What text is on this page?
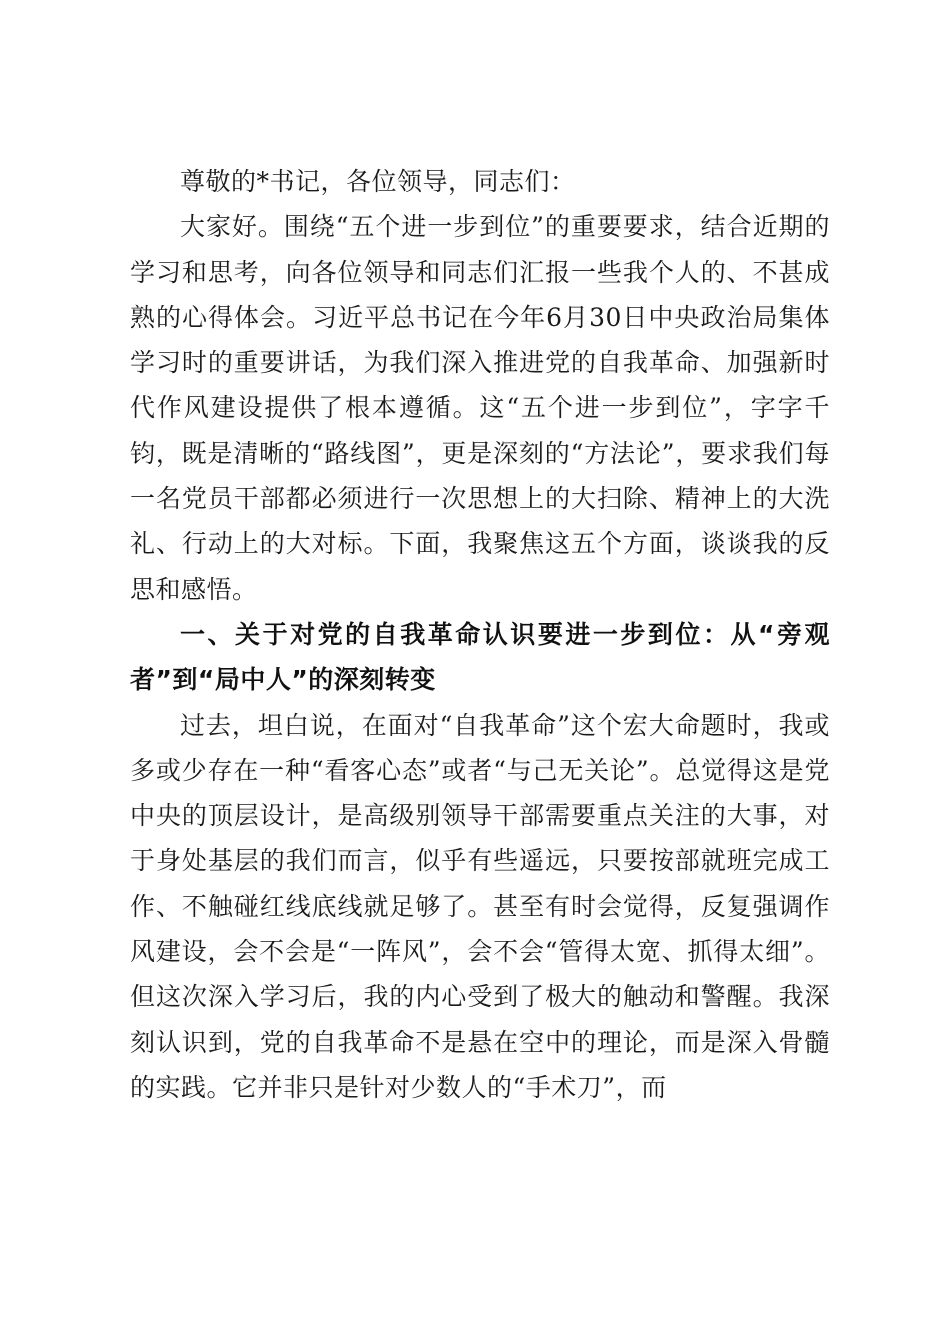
尊敬的*书记，各位领导，同志们：

大家好。围绕“五个进一步到位”的重要要求，结合近期的学习和思考，向各位领导和同志们汇报一些我个人的、不甚成熟的心得体会。习近平总书记在今年6月30日中央政治局集体学习时的重要讲话，为我们深入推进党的自我革命、加强新时代作风建设提供了根本遵循。这“五个进一步到位”，字字千钧，既是清晰的“路线图”，更是深刻的“方法论”，要求我们每一名党员干部都必须进行一次思想上的大扫除、精神上的大洗礼、行动上的大对标。下面，我聚焦这五个方面，谈谈我的反思和感悟。

一、关于对党的自我革命认识要进一步到位：从“旁观者”到“局中人”的深刻转变

过去，坦白说，在面对“自我革命”这个宏大命题时，我或多或少存在一种“看客心态”或者“与己无关论”。总觉得这是党中央的顶层设计，是高级别领导干部需要重点关注的大事，对于身处基层的我们而言，似乎有些遥远，只要按部就班完成工作、不触碰红线底线就足够了。甚至有时会觉得，反复强调作风建设，会不会是“一阵风”，会不会“管得太宽、抓得太细”。但这次深入学习后，我的内心受到了极大的触动和警醒。我深刻认识到，党的自我革命不是悬在空中的理论，而是深入骨髓的实践。它并非只是针对少数人的“手术刀”，而
